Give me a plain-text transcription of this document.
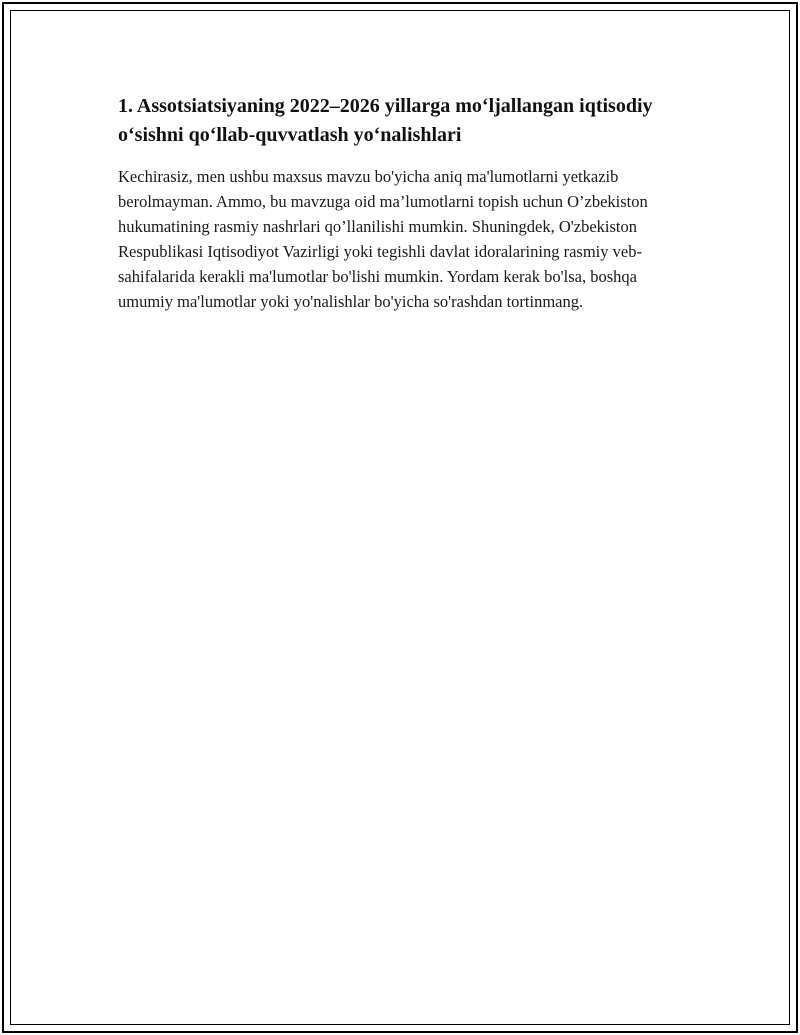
1. Assotsiatsiyaning 2022–2026 yillarga moʻljallangan iqtisodiy oʻsishni qoʻllab-quvvatlash yoʻnalishlari

Kechirasiz, men ushbu maxsus mavzu bo'yicha aniq ma'lumotlarni yetkazib berolmayman. Ammo, bu mavzuga oid ma’lumotlarni topish uchun O’zbekiston hukumatining rasmiy nashrlari qo’llanilishi mumkin. Shuningdek, O'zbekiston Respublikasi Iqtisodiyot Vazirligi yoki tegishli davlat idoralarining rasmiy veb-sahifalarida kerakli ma'lumotlar bo'lishi mumkin. Yordam kerak bo'lsa, boshqa umumiy ma'lumotlar yoki yo'nalishlar bo'yicha so'rashdan tortinmang.
